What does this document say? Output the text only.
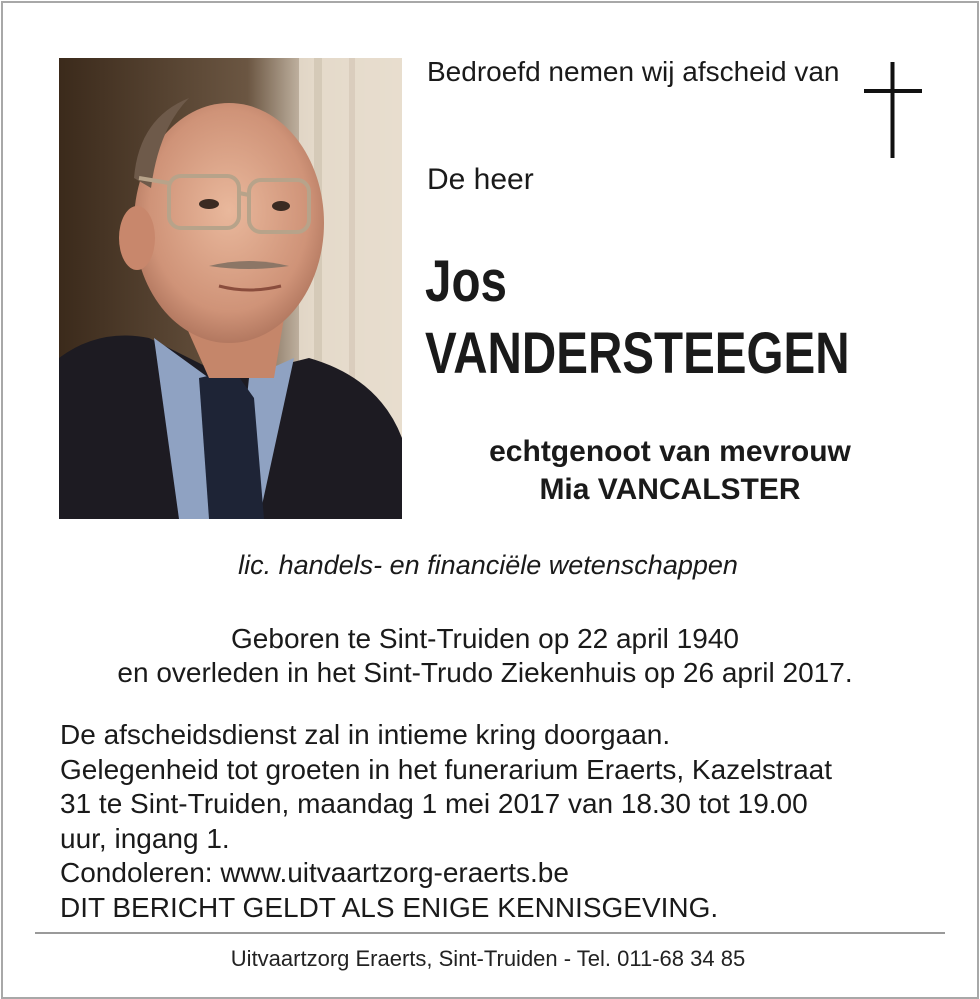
Bedroefd nemen wij afscheid van
De heer
Jos
VANDERSTEEGEN
echtgenoot van mevrouw
Mia VANCALSTER
lic. handels- en financiële wetenschappen
Geboren te Sint-Truiden op 22 april 1940
en overleden in het Sint-Trudo Ziekenhuis op 26 april 2017.
De afscheidsdienst zal in intieme kring doorgaan.
Gelegenheid tot groeten in het funerarium Eraerts, Kazelstraat
31 te Sint-Truiden, maandag 1 mei 2017 van 18.30 tot 19.00
uur, ingang 1.
Condoleren: www.uitvaartzorg-eraerts.be
DIT BERICHT GELDT ALS ENIGE KENNISGEVING.
Uitvaartzorg Eraerts, Sint-Truiden - Tel. 011-68 34 85
